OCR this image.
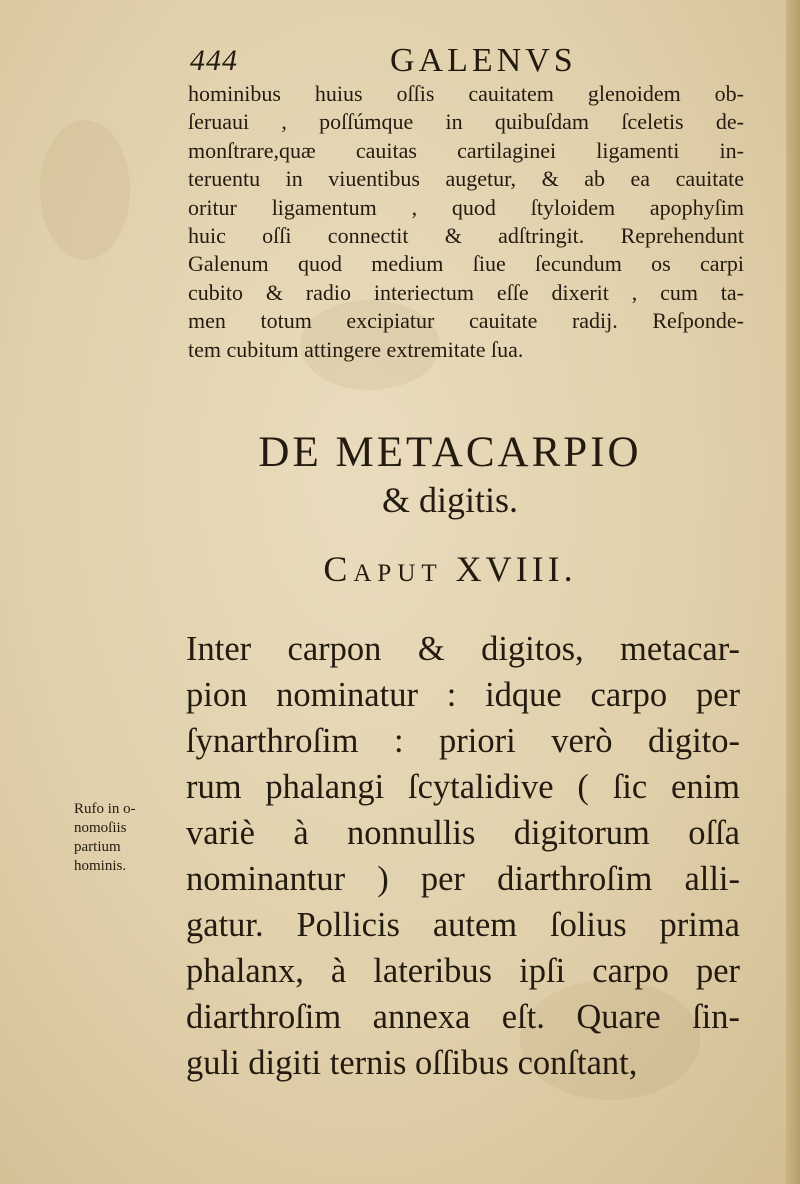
444	GALENVS
hominibus huius oſſis cauitatem glenoidem ob-
ſeruaui , poſſúmque in quibuſdam ſceletis de-
monſtrare,quæ cauitas cartilaginei ligamenti in-
teruentu in viuentibus augetur, & ab ea cauitate
oritur ligamentum , quod ſtyloidem apophyſim
huic oſſi connectit & adſtringit. Reprehendunt
Galenum quod medium ſiue ſecundum os carpi
cubito & radio interiectum eſſe dixerit , cum ta-
men totum excipiatur cauitate radij. Reſponde-
tem cubitum attingere extremitate ſua.
DE METACARPIO
& digitis.
Caput XVIII.
Rufo in o-
nomoſiis
partium
hominis.
Inter carpon & digitos, metacar-
pion nominatur : idque carpo per
ſynarthroſim : priori verò digito-
rum phalangi ſcytalidive ( ſic enim
variè à nonnullis digitorum oſſa
nominantur ) per diarthroſim alli-
gatur. Pollicis autem ſolius prima
phalanx, à lateribus ipſi carpo per
diarthroſim annexa eſt. Quare ſin-
guli digiti ternis oſſibus conſtant,
